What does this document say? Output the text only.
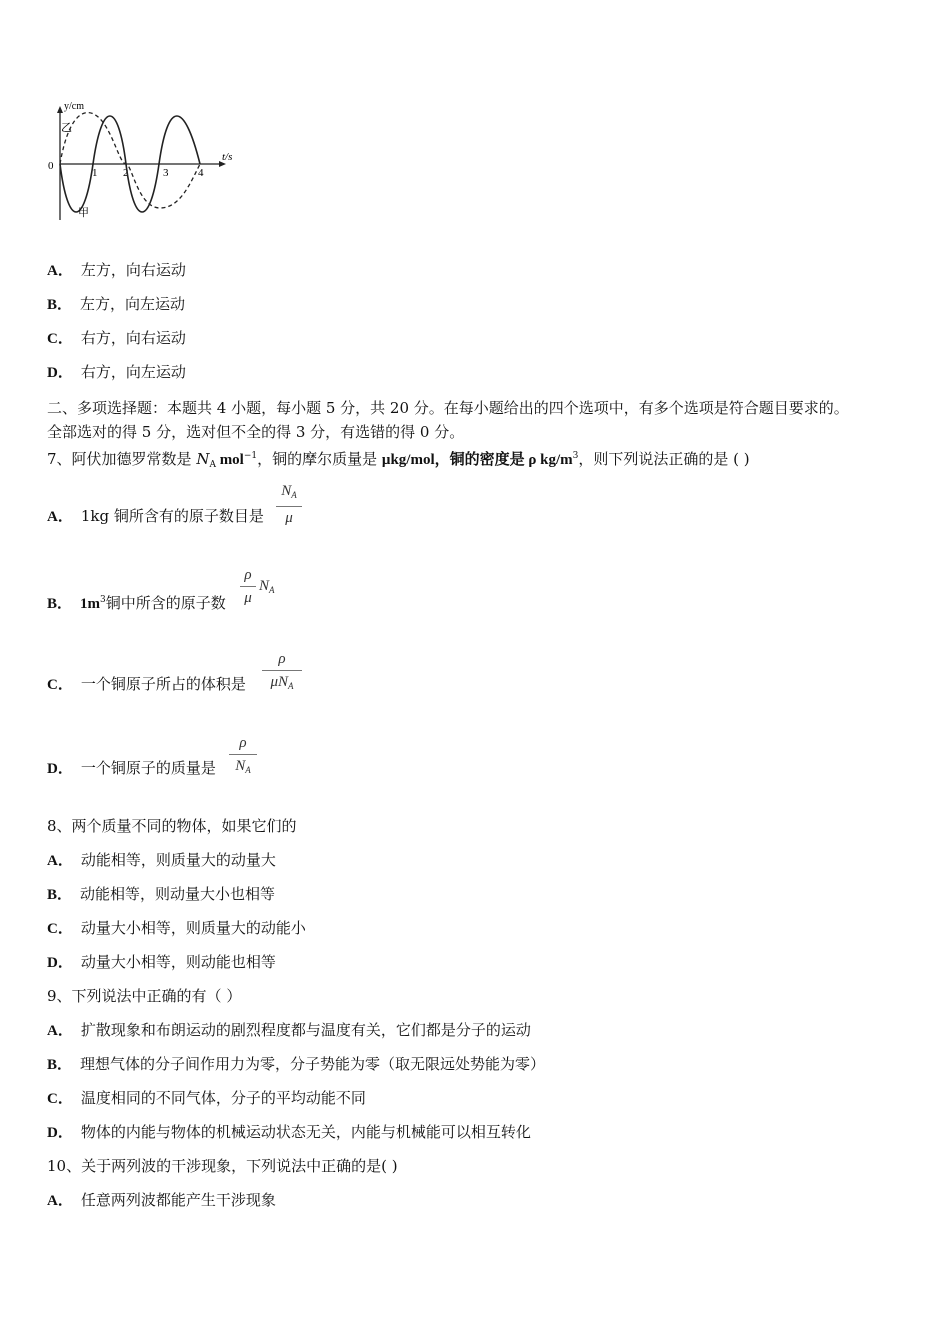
y/cm
t/s
0
1 2	3	4
乙
甲
A． 左方，向右运动
B． 左方，向左运动
C． 右方，向右运动
D． 右方，向左运动
二、多项选择题：本题共 4 小题，每小题 5 分，共 20 分。在每小题给出的四个选项中，有多个选项是符合题目要求的。
全部选对的得 5 分，选对但不全的得 3 分，有选错的得 0 分。
7、阿伏加德罗常数是 $N_A$ mol$^{-1}$，铜的摩尔质量是 μkg/mol，铜的密度是 ρ $kg/m^3$，则下列说法正确的是 ( )
A． 1kg 铜所含有的原子数目是
$N_A$
μ
B． $1m^3$铜中所含的原子数
ρ
μ
$N_A$
C． 一个铜原子所占的体积是
ρ
$\mu N_A$
D． 一个铜原子的质量是
ρ
$N_A$
8、两个质量不同的物体，如果它们的
A． 动能相等，则质量大的动量大
B． 动能相等，则动量大小也相等
C． 动量大小相等，则质量大的动能小
D． 动量大小相等，则动能也相等
9、下列说法中正确的有（ ）
A． 扩散现象和布朗运动的剧烈程度都与温度有关，它们都是分子的运动
B． 理想气体的分子间作用力为零，分子势能为零（取无限远处势能为零）
C． 温度相同的不同气体，分子的平均动能不同
D． 物体的内能与物体的机械运动状态无关，内能与机械能可以相互转化
10、关于两列波的干涉现象，下列说法中正确的是( )
A． 任意两列波都能产生干涉现象
